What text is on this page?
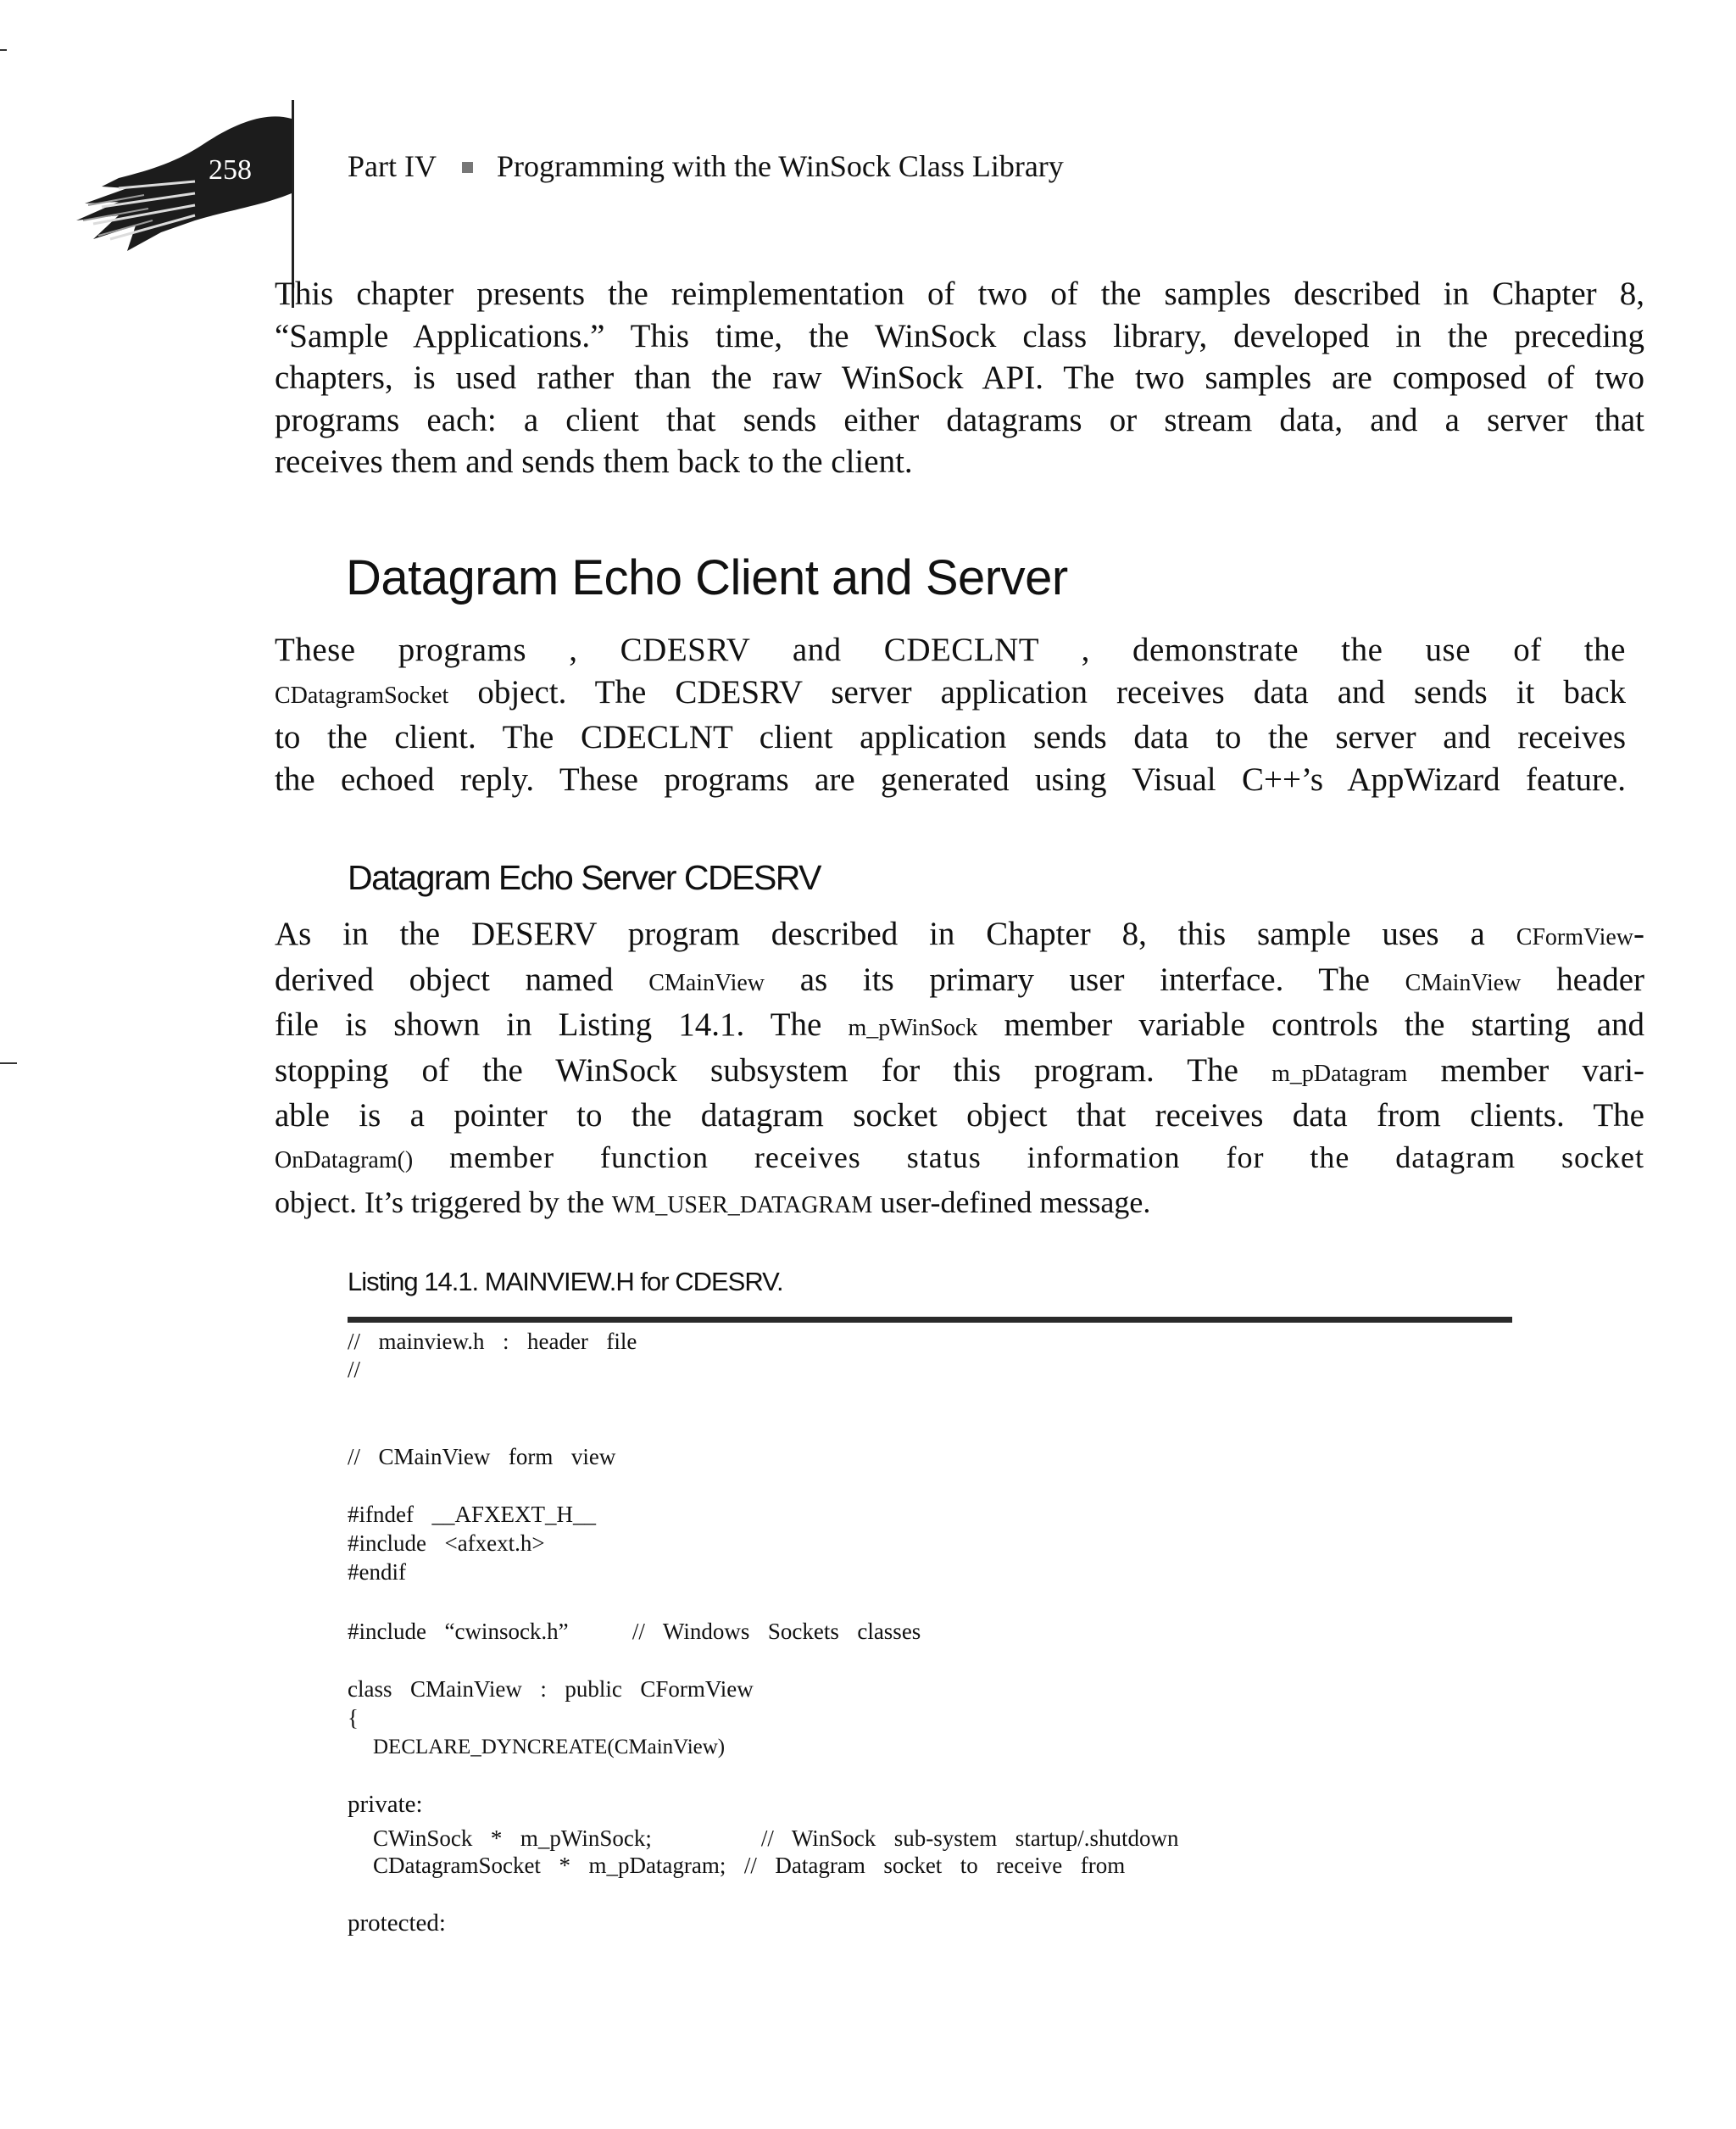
258	Part IV Programming with the WinSock Class Library
This chapter presents the reimplementation of two of the samples described in Chapter 8,
“Sample Applications.” This time, the WinSock class library, developed in the preceding
chapters, is used rather than the raw WinSock API. The two samples are composed of two
programs each: a client that sends either datagrams or stream data, and a server that
receives them and sends them back to the client.
Datagram Echo Client and Server
These programs , CDESRV and CDECLNT , demonstrate the use of the
CDatagramSocket object. The CDESRV server application receives data and sends it back
to the client. The CDECLNT client application sends data to the server and receives
the echoed reply. These programs are generated using Visual C++’s AppWizard feature.
Datagram Echo Server CDESRV
As in the DESERV program described in Chapter 8, this sample uses a CFormView-
derived object named CMainView as its primary user interface. The CMainView header
file is shown in Listing 14.1. The m_pWinSock member variable controls the starting and
stopping of the WinSock subsystem for this program. The m_pDatagram member vari-
able is a pointer to the datagram socket object that receives data from clients. The
OnDatagram() member function receives status information for the datagram socket
object. It’s triggered by the WM_USER_DATAGRAM user-defined message.
Listing 14.1. MAINVIEW.H for CDESRV.
//  mainview.h  :  header  file
//
//  CMainView  form  view
#ifndef  __AFXEXT_H__
#include  <afxext.h>
#endif
#include  “cwinsock.h”       //  Windows  Sockets  classes
class  CMainView  :  public  CFormView
{
DECLARE_DYNCREATE(CMainView)
private:
CWinSock  *  m_pWinSock;            //  WinSock  sub-system  startup/.shutdown
CDatagramSocket  *  m_pDatagram;  //  Datagram  socket  to  receive  from
protected:
